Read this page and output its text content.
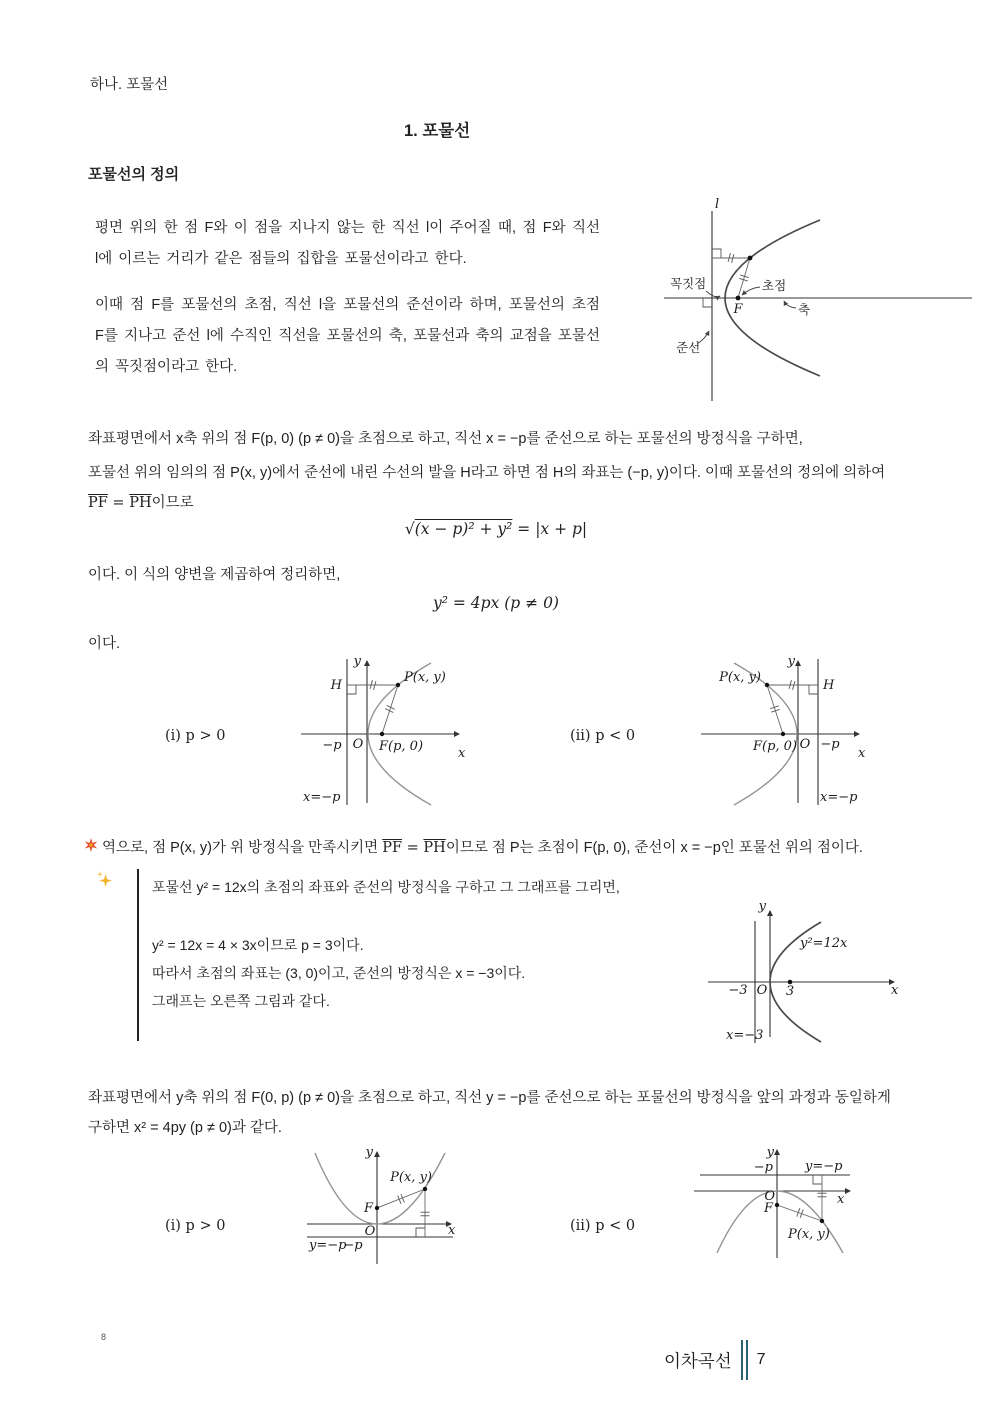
하나. 포물선
1. 포물선
포물선의 정의

평면 위의 한 점 F와 이 점을 지나지 않는 한 직선 l이 주어질 때, 점 F와 직선 l에 이르는 거리가 같은 점들의 집합을 포물선이라고 한다.

이때 점 F를 포물선의 초점, 직선 l을 포물선의 준선이라 하며, 포물선의 초점 F를 지나고 준선 l에 수직인 직선을 포물선의 축, 포물선과 축의 교점을 포물선의 꼭짓점이라고 한다.

l
F
꼭짓점	초점
축
준선
좌표평면에서 x축 위의 점 F(p, 0) (p ≠ 0)을 초점으로 하고, 직선 x = −p를 준선으로 하는 포물선의 방정식을 구하면,
포물선 위의 임의의 점 P(x, y)에서 준선에 내린 수선의 발을 H라고 하면 점 H의 좌표는 (−p, y)이다. 이때 포물선의 정의에 의하여
$\overline{PF} = \overline{PH}$이므로
√(x − p)² + y² = |x + p|
이다. 이 식의 양변을 제곱하여 정리하면,
y² = 4px (p ≠ 0)
이다.
(i) p > 0
H
P(x, y)
y
x
−p O F(p, 0)
x=−p
(ii) p < 0
H
P(x, y)
y
x
−p
O
F(p, 0)
x=−p
역으로, 점 P(x, y)가 위 방정식을 만족시키면 $\overline{PF} = \overline{PH}$이므로 점 P는 초점이 F(p, 0), 준선이 x = −p인 포물선 위의 점이다.
포물선 y² = 12x의 초점의 좌표와 준선의 방정식을 구하고 그 그래프를 그리면,
y² = 12x = 4 × 3x이므로 p = 3이다.
따라서 초점의 좌표는 (3, 0)이고, 준선의 방정식은 x = −3이다.
그래프는 오른쪽 그림과 같다.
y
x
y²=12x
−3 O 3
x=−3
좌표평면에서 y축 위의 점 F(0, p) (p ≠ 0)을 초점으로 하고, 직선 y = −p를 준선으로 하는 포물선의 방정식을 앞의 과정과 동일하게
구하면 x² = 4py (p ≠ 0)과 같다.
(i) p > 0
y
x
P(x, y)
F
O
y=−p
−p
(ii) p < 0
y
x
−p y=−p
O
F
P(x, y)
8
이차곡선 7
